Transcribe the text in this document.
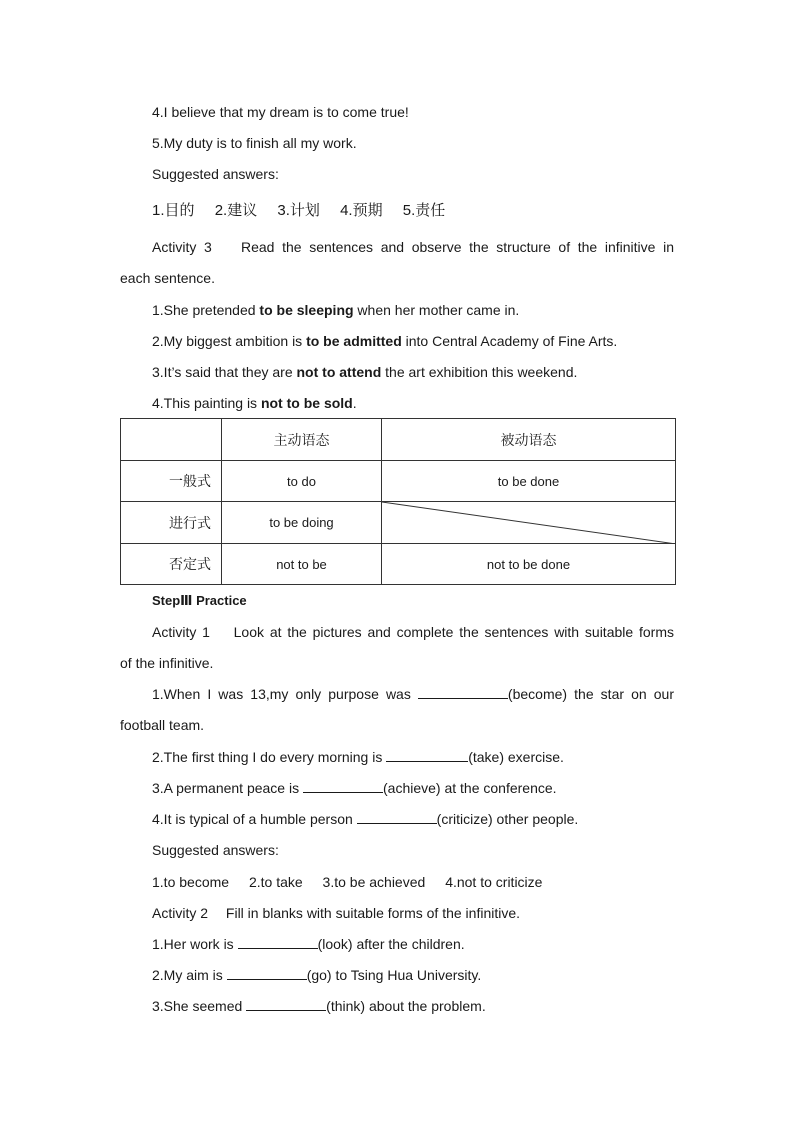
4.I believe that my dream is to come true!
5.My duty is to finish all my work.
Suggested answers:
1.目的 2.建议 3.计划 4.预期 5.责任
Activity 3　 Read the sentences and observe the structure of the infinitive in
each sentence.
1.She pretended to be sleeping when her mother came in.
2.My biggest ambition is to be admitted into Central Academy of Fine Arts.
3.It’s said that they are not to attend the art exhibition this weekend.
4.This painting is not to be sold.
	主动语态	被动语态
一般式	to do	to be done
进行式	to be doing	

否定式	not to be	not to be done
StepⅢ Practice
Activity 1　 Look at the pictures and complete the sentences with suitable forms
of the infinitive.
1.When I was 13,my only purpose was	(become) the star on our
football team.
2.The first thing I do every morning is	(take) exercise.
3.A permanent peace is	(achieve) at the conference.
4.It is typical of a humble person	(criticize) other people.
Suggested answers:
1.to become 2.to take 3.to be achieved 4.not to criticize
Activity 2　 Fill in blanks with suitable forms of the infinitive.
1.Her work is	(look) after the children.
2.My aim is	(go) to Tsing Hua University.
3.She seemed	(think) about the problem.
